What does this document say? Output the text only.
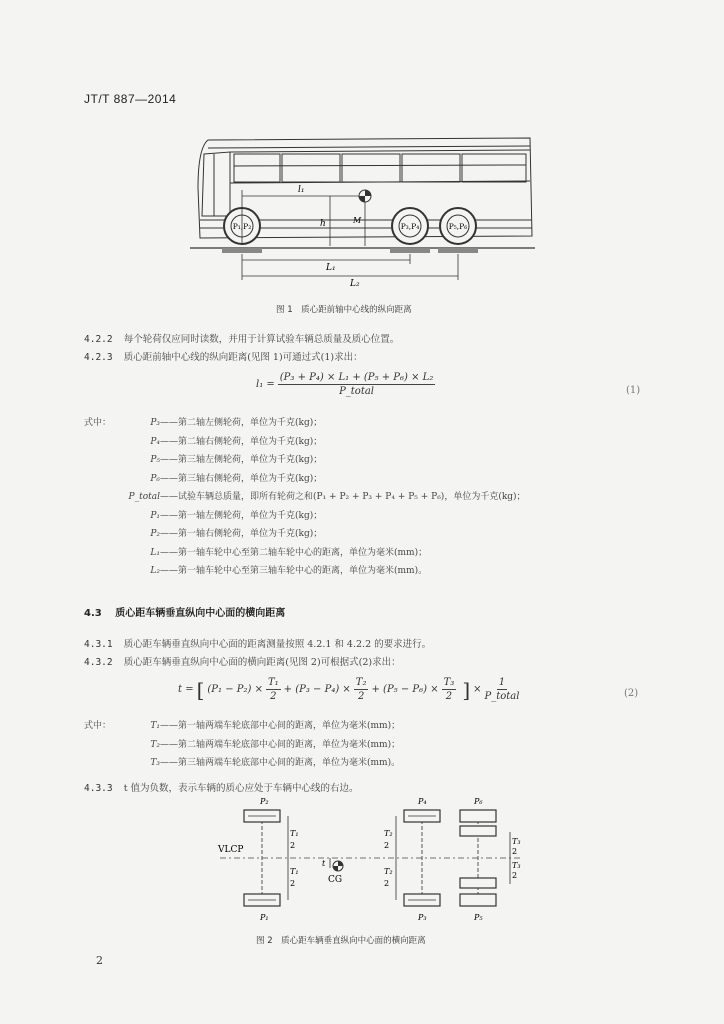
JT/T 887—2014
P₁,P₂	P₃,P₄	P₅,P₆
l₁
h	M
L₁
L₂
图 1　质心距前轴中心线的纵向距离
4.2.2 每个轮荷仅应同时读数，并用于计算试验车辆总质量及质心位置。
4.2.3 质心距前轴中心线的纵向距离(见图 1)可通过式(1)求出：
$l_1 = \frac{\text{(P₃ + P₄) × L₁ + (P₅ + P₆) × L₂}}{\text{P\_total}}$	(1)
式中：	P₃——第二轴左侧轮荷，单位为千克(kg)；
P₄——第二轴右侧轮荷，单位为千克(kg)；
P₅——第三轴左侧轮荷，单位为千克(kg)；
P₆——第三轴右侧轮荷，单位为千克(kg)；
P_total——试验车辆总质量，即所有轮荷之和(P₁ + P₂ + P₃ + P₄ + P₅ + P₆)，单位为千克(kg)；
P₁——第一轴左侧轮荷，单位为千克(kg)；
P₂——第一轴右侧轮荷，单位为千克(kg)；
L₁——第一轴车轮中心至第二轴车轮中心的距离，单位为毫米(mm)；
L₂——第一轴车轮中心至第三轴车轮中心的距离，单位为毫米(mm)。
4.3 质心距车辆垂直纵向中心面的横向距离
4.3.1 质心距车辆垂直纵向中心面的距离测量按照 4.2.1 和 4.2.2 的要求进行。
4.3.2 质心距车辆垂直纵向中心面的横向距离(见图 2)可根据式(2)求出：
t = [ $(P_1 - P_2) \times \frac{\text{T₁}}{2} + (P_3 - P_4) \times \frac{\text{T₂}}{2} + (P_5 - P_6) \times \frac{\text{T₃}}{2}$ ] × $\frac{1}{\text{P\_total}}$	(2)
式中：	T₁——第一轴两端车轮底部中心间的距离，单位为毫米(mm)；
T₂——第二轴两端车轮底部中心间的距离，单位为毫米(mm)；
T₃——第三轴两端车轮底部中心间的距离，单位为毫米(mm)。
4.3.3 t 值为负数，表示车辆的质心应处于车辆中心线的右边。
P₂
P₁
P₄
P₃
P₆
P₅
VLCP
T₁
2
T₁
2
T₂
2
T₂
2
T₃
2
T₃
2
t
CG
图 2　质心距车辆垂直纵向中心面的横向距离
2
